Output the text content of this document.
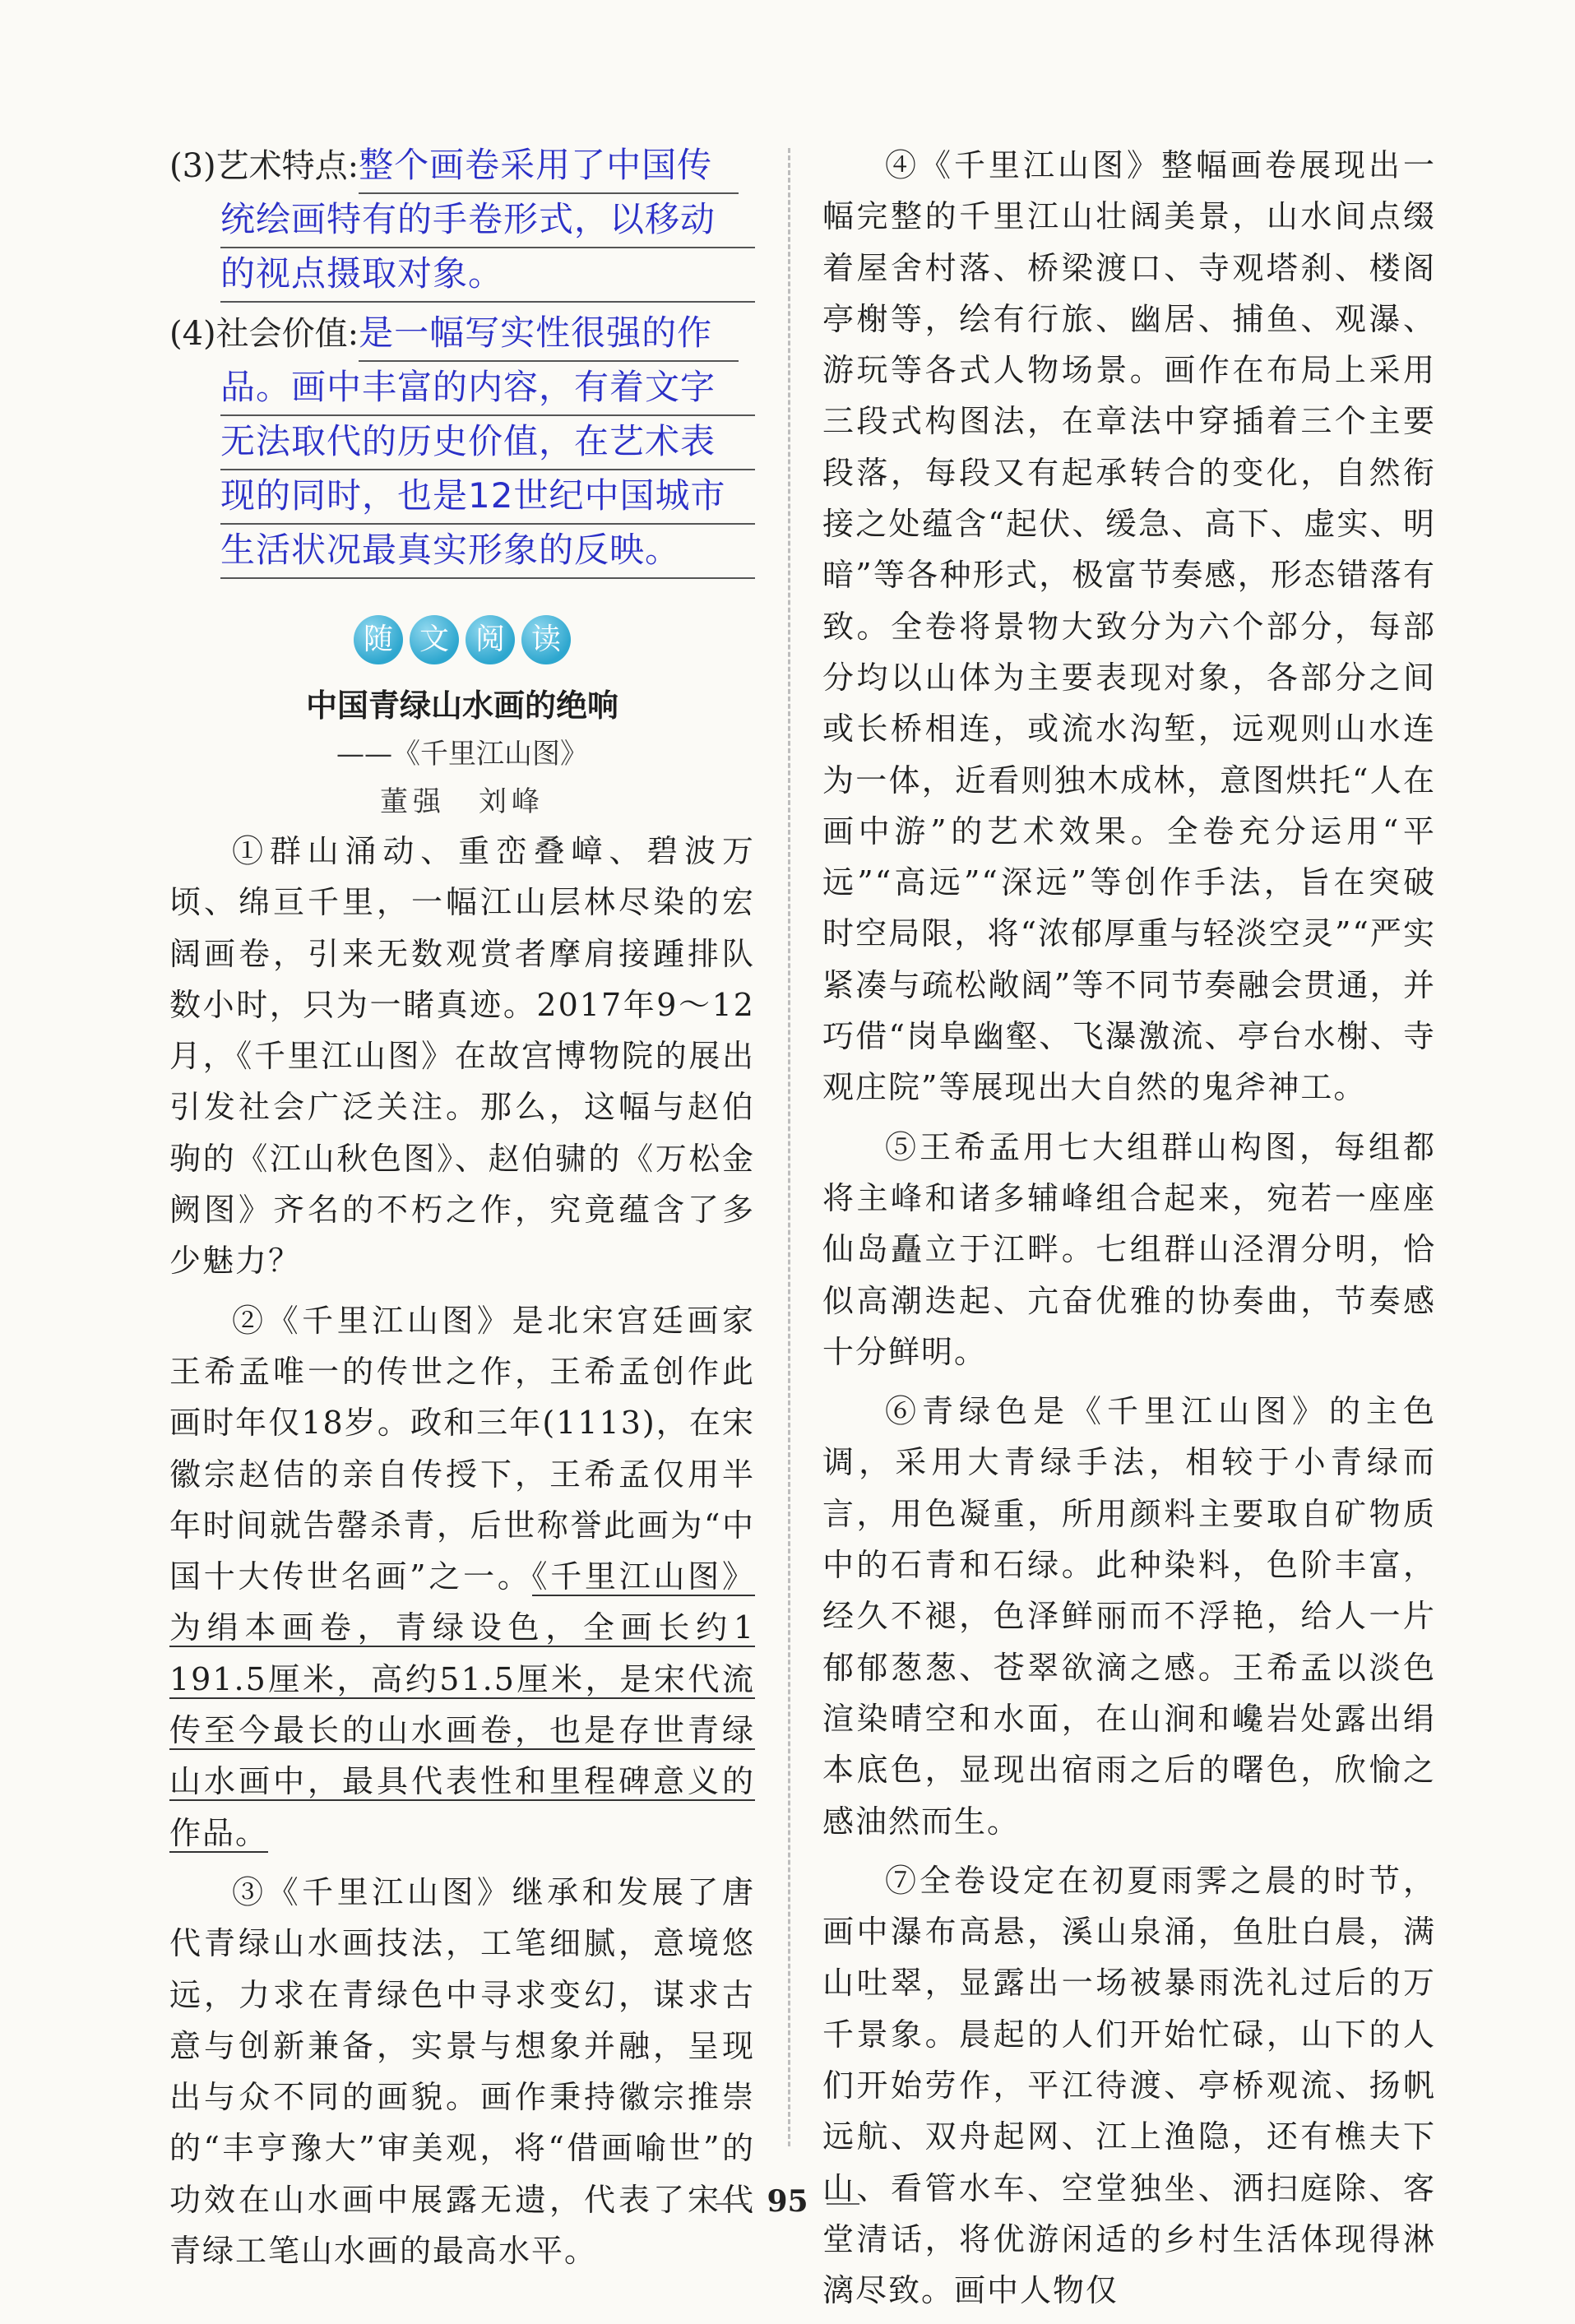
(3)艺术特点:整个画卷采用了中国传
统绘画特有的手卷形式，以移动
的视点摄取对象。
(4)社会价值:是一幅写实性很强的作
品。画中丰富的内容，有着文字
无法取代的历史价值，在艺术表
现的同时，也是12世纪中国城市
生活状况最真实形象的反映。
随 文 阅 读
中国青绿山水画的绝响
——《千里江山图》
董强　刘峰

①群山涌动、重峦叠嶂、碧波万顷、绵亘千里，一幅江山层林尽染的宏阔画卷，引来无数观赏者摩肩接踵排队数小时，只为一睹真迹。2017年9～12月，《千里江山图》在故宫博物院的展出引发社会广泛关注。那么，这幅与赵伯驹的《江山秋色图》、赵伯骕的《万松金阙图》齐名的不朽之作，究竟蕴含了多少魅力？

②《千里江山图》是北宋宫廷画家王希孟唯一的传世之作，王希孟创作此画时年仅18岁。政和三年(1113)，在宋徽宗赵佶的亲自传授下，王希孟仅用半年时间就告罄杀青，后世称誉此画为“中国十大传世名画”之一。《千里江山图》为绢本画卷，青绿设色，全画长约1 191.5厘米，高约51.5厘米，是宋代流传至今最长的山水画卷，也是存世青绿山水画中，最具代表性和里程碑意义的作品。

③《千里江山图》继承和发展了唐代青绿山水画技法，工笔细腻，意境悠远，力求在青绿色中寻求变幻，谋求古意与创新兼备，实景与想象并融，呈现出与众不同的画貌。画作秉持徽宗推崇的“丰亨豫大”审美观，将“借画喻世”的功效在山水画中展露无遗，代表了宋代青绿工笔山水画的最高水平。

④《千里江山图》整幅画卷展现出一幅完整的千里江山壮阔美景，山水间点缀着屋舍村落、桥梁渡口、寺观塔刹、楼阁亭榭等，绘有行旅、幽居、捕鱼、观瀑、游玩等各式人物场景。画作在布局上采用三段式构图法，在章法中穿插着三个主要段落，每段又有起承转合的变化，自然衔接之处蕴含“起伏、缓急、高下、虚实、明暗”等各种形式，极富节奏感，形态错落有致。全卷将景物大致分为六个部分，每部分均以山体为主要表现对象，各部分之间或长桥相连，或流水沟堑，远观则山水连为一体，近看则独木成林，意图烘托“人在画中游”的艺术效果。全卷充分运用“平远”“高远”“深远”等创作手法，旨在突破时空局限，将“浓郁厚重与轻淡空灵”“严实紧凑与疏松敞阔”等不同节奏融会贯通，并巧借“岗阜幽壑、飞瀑激流、亭台水榭、寺观庄院”等展现出大自然的鬼斧神工。

⑤王希孟用七大组群山构图，每组都将主峰和诸多辅峰组合起来，宛若一座座仙岛矗立于江畔。七组群山泾渭分明，恰似高潮迭起、亢奋优雅的协奏曲，节奏感十分鲜明。

⑥青绿色是《千里江山图》的主色调，采用大青绿手法，相较于小青绿而言，用色凝重，所用颜料主要取自矿物质中的石青和石绿。此种染料，色阶丰富，经久不褪，色泽鲜丽而不浮艳，给人一片郁郁葱葱、苍翠欲滴之感。王希孟以淡色渲染晴空和水面，在山涧和巉岩处露出绢本底色，显现出宿雨之后的曙色，欣愉之感油然而生。

⑦全卷设定在初夏雨霁之晨的时节，画中瀑布高悬，溪山泉涌，鱼肚白晨，满山吐翠，显露出一场被暴雨洗礼过后的万千景象。晨起的人们开始忙碌，山下的人们开始劳作，平江待渡、亭桥观流、扬帆远航、双舟起网、江上渔隐，还有樵夫下山、看管水车、空堂独坐、洒扫庭除、客堂清话，将优游闲适的乡村生活体现得淋漓尽致。画中人物仅

95
